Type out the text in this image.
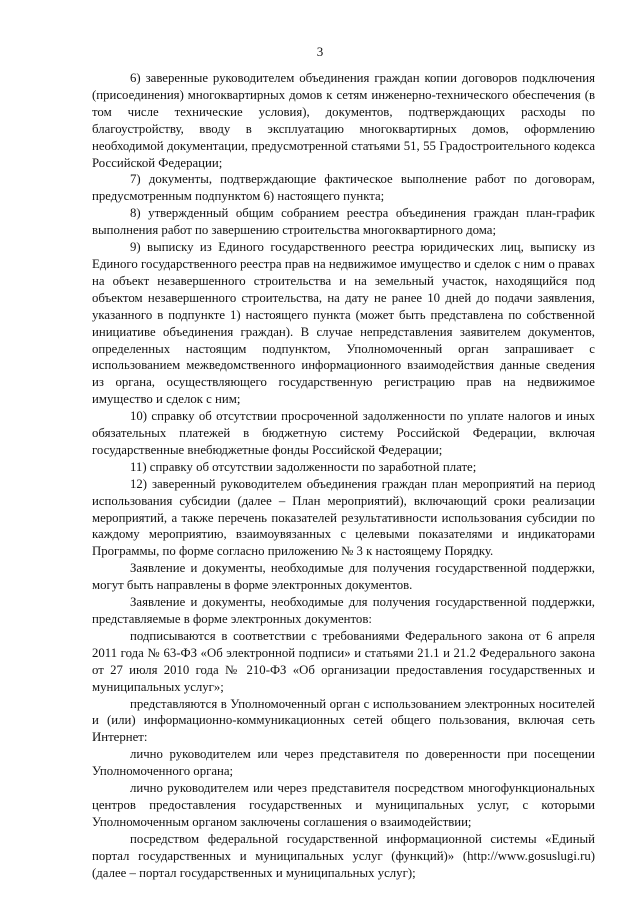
3

6) заверенные руководителем объединения граждан копии договоров подключения (присоединения) многоквартирных домов к сетям инженерно-технического обеспечения (в том числе технические условия), документов, подтверждающих расходы по благоустройству, вводу в эксплуатацию многоквартирных домов, оформлению необходимой документации, предусмотренной статьями 51, 55 Градостроительного кодекса Российской Федерации;

7) документы, подтверждающие фактическое выполнение работ по договорам, предусмотренным подпунктом 6) настоящего пункта;

8) утвержденный общим собранием реестра объединения граждан план-график выполнения работ по завершению строительства многоквартирного дома;

9) выписку из Единого государственного реестра юридических лиц, выписку из Единого государственного реестра прав на недвижимое имущество и сделок с ним о правах на объект незавершенного строительства и на земельный участок, находящийся под объектом незавершенного строительства, на дату не ранее 10 дней до подачи заявления, указанного в подпункте 1) настоящего пункта (может быть представлена по собственной инициативе объединения граждан). В случае непредставления заявителем документов, определенных настоящим подпунктом, Уполномоченный орган запрашивает с использованием межведомственного информационного взаимодействия данные сведения из органа, осуществляющего государственную регистрацию прав на недвижимое имущество и сделок с ним;

10) справку об отсутствии просроченной задолженности по уплате налогов и иных обязательных платежей в бюджетную систему Российской Федерации, включая государственные внебюджетные фонды Российской Федерации;

11) справку об отсутствии задолженности по заработной плате;

12) заверенный руководителем объединения граждан план мероприятий на период использования субсидии (далее – План мероприятий), включающий сроки реализации мероприятий, а также перечень показателей результативности использования субсидии по каждому мероприятию, взаимоувязанных с целевыми показателями и индикаторами Программы, по форме согласно приложению № 3 к настоящему Порядку.

Заявление и документы, необходимые для получения государственной поддержки, могут быть направлены в форме электронных документов.

Заявление и документы, необходимые для получения государственной поддержки, представляемые в форме электронных документов:

подписываются в соответствии с требованиями Федерального закона от 6 апреля 2011 года № 63-ФЗ «Об электронной подписи» и статьями 21.1 и 21.2 Федерального закона от 27 июля 2010 года № 210-ФЗ «Об организации предоставления государственных и муниципальных услуг»;

представляются в Уполномоченный орган с использованием электронных носителей и (или) информационно-коммуникационных сетей общего пользования, включая сеть Интернет:

лично руководителем или через представителя по доверенности при посещении Уполномоченного органа;

лично руководителем или через представителя посредством многофункциональных центров предоставления государственных и муниципальных услуг, с которыми Уполномоченным органом заключены соглашения о взаимодействии;

посредством федеральной государственной информационной системы «Единый портал государственных и муниципальных услуг (функций)» (http://www.gosuslugi.ru) (далее – портал государственных и муниципальных услуг);
